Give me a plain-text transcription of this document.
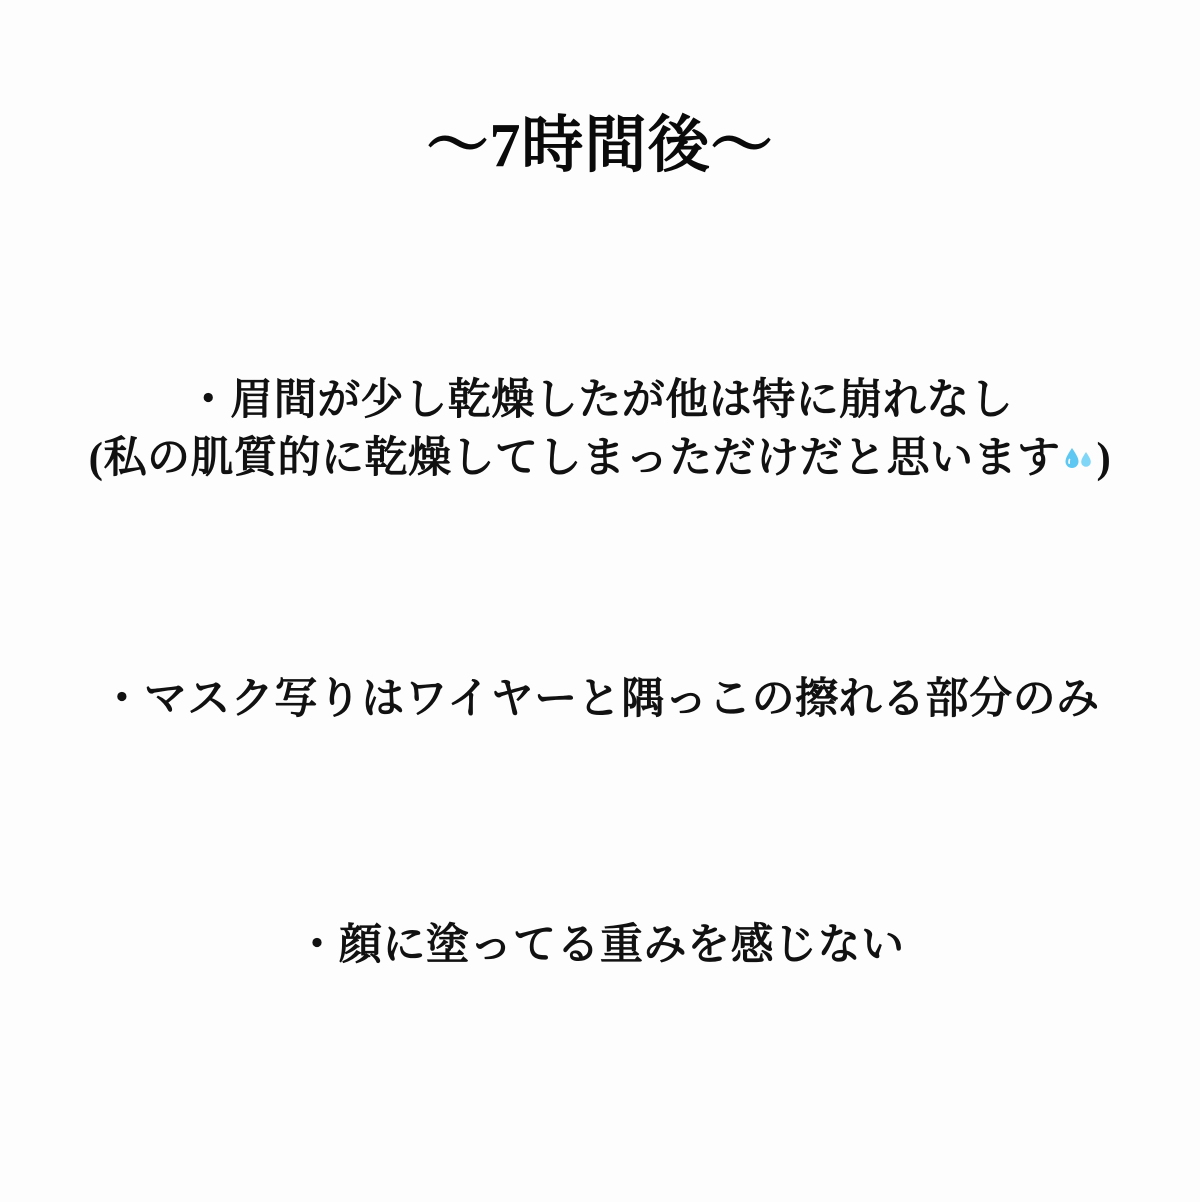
〜7時間後〜
・眉間が少し乾燥したが他は特に崩れなし
(私の肌質的に乾燥してしまっただけだと思います )
・マスク写りはワイヤーと隅っこの擦れる部分のみ
・顔に塗ってる重みを感じない
